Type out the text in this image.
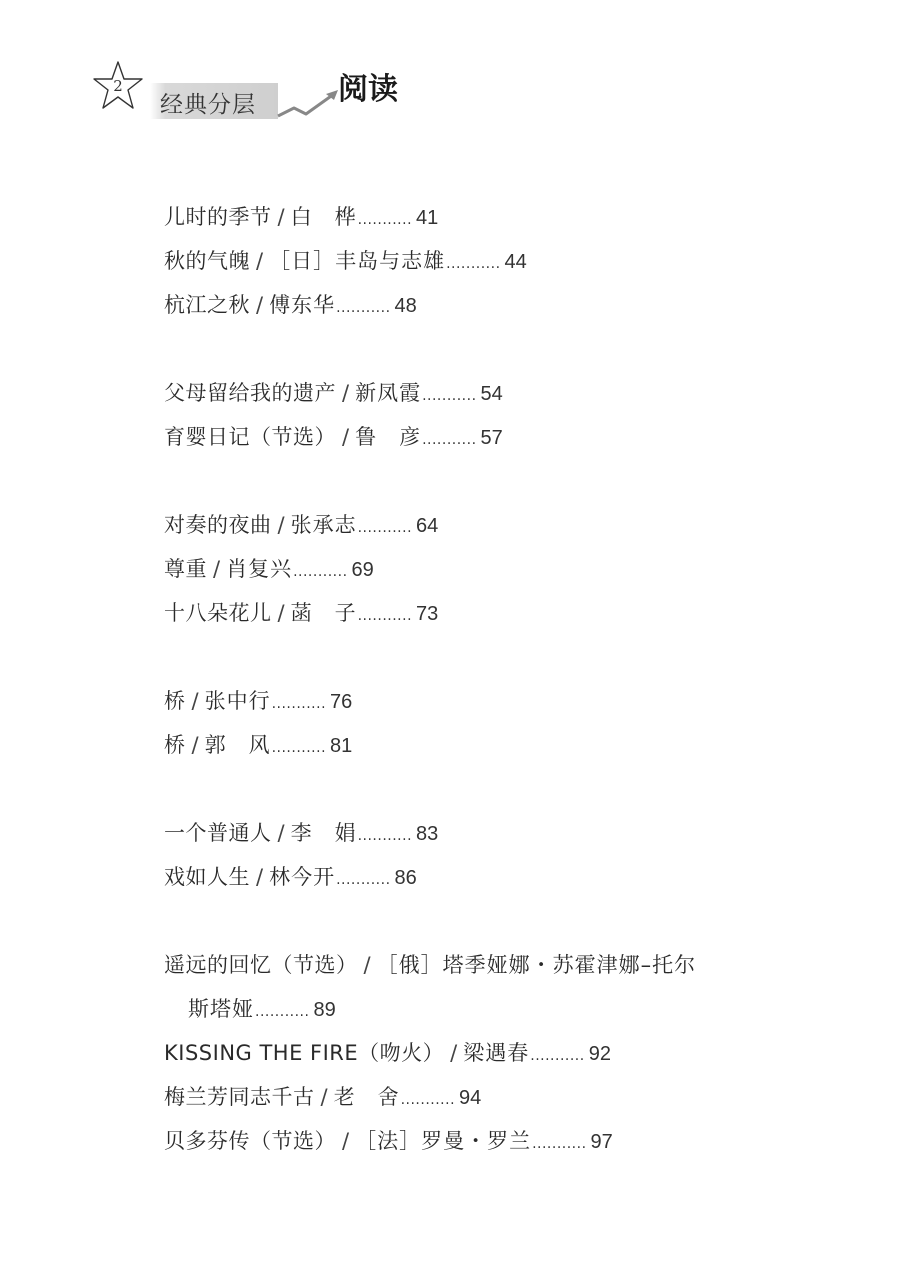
2
经典分层	阅读
儿时的季节 / 白　桦........... 41
秋的气魄 / ［日］丰岛与志雄........... 44
杭江之秋 / 傅东华........... 48
父母留给我的遗产 / 新凤霞........... 54
育婴日记（节选） / 鲁　彦........... 57
对奏的夜曲 / 张承志........... 64
尊重 / 肖复兴........... 69
十八朵花儿 / 菡　子........... 73
桥 / 张中行........... 76
桥 / 郭　风........... 81
一个普通人 / 李　娟........... 83
戏如人生 / 林今开........... 86
遥远的回忆（节选） / ［俄］塔季娅娜・苏霍津娜–托尔
斯塔娅........... 89
KISSING THE FIRE（吻火） / 梁遇春........... 92
梅兰芳同志千古 / 老　舍........... 94
贝多芬传（节选） / ［法］罗曼・罗兰........... 97
